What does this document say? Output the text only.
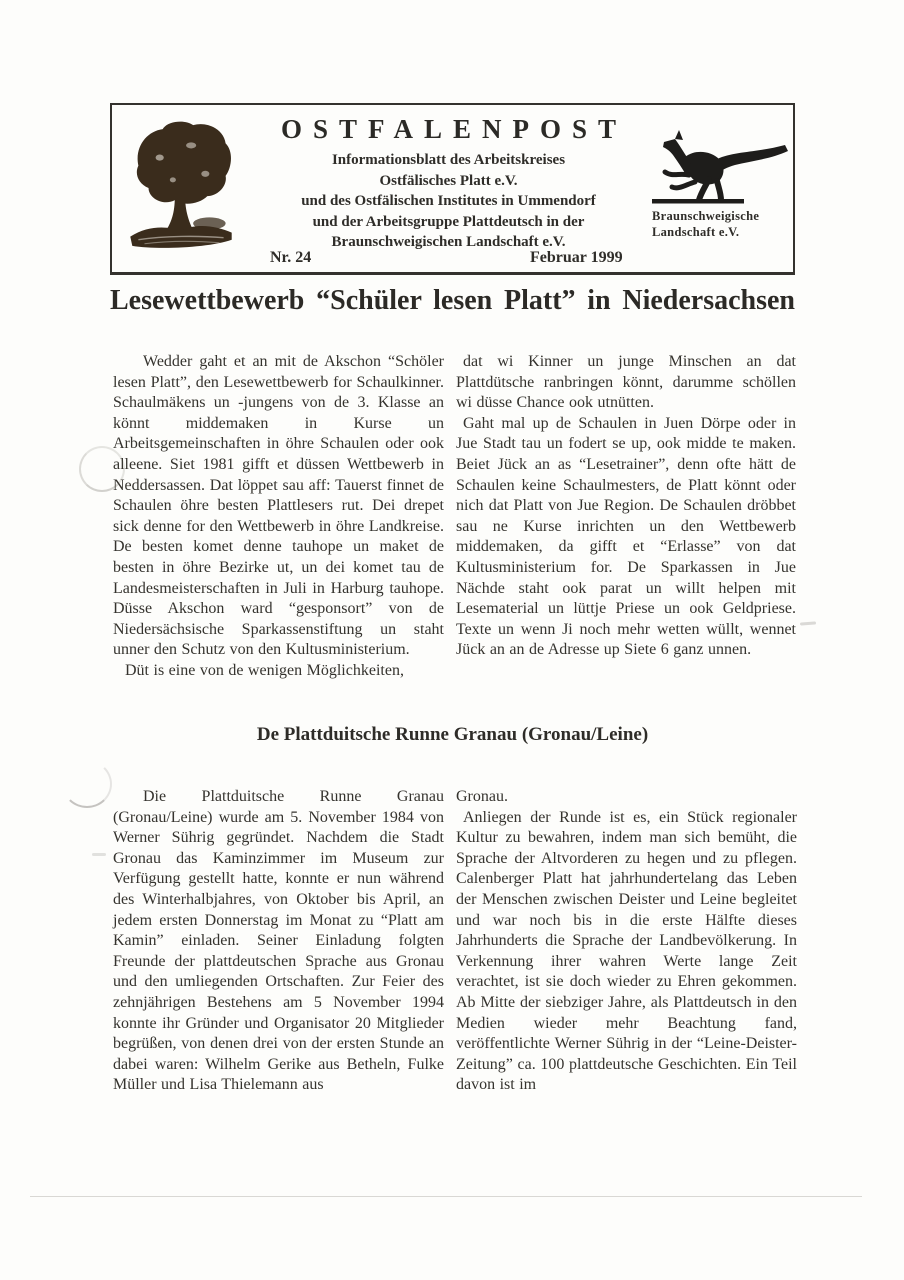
OSTFALENPOST
Informationsblatt des Arbeitskreises
Ostfälisches Platt e.V.
und des Ostfälischen Institutes in Ummendorf
und der Arbeitsgruppe Plattdeutsch in der
Braunschweigischen Landschaft e.V.
Nr. 24	Februar 1999
Braunschweigische
Landschaft e.V.
Lesewettbewerb “Schüler lesen Platt” in Niedersachsen

Wedder gaht et an mit de Akschon “Schöler lesen Platt”, den Lesewettbewerb for Schaulkinner. Schaulmäkens un -jungens von de 3. Klasse an könnt middemaken in Kurse un Arbeitsgemeinschaften in öhre Schaulen oder ook alleene. Siet 1981 gifft et düssen Wettbewerb in Neddersassen. Dat löppet sau aff: Tauerst finnet de Schaulen öhre besten Plattlesers rut. Dei drepet sick denne for den Wettbewerb in öhre Landkreise. De besten komet denne tauhope un maket de besten in öhre Bezirke ut, un dei komet tau de Landesmeisterschaften in Juli in Harburg tauhope. Düsse Akschon ward “gesponsort” von de Niedersächsische Sparkassenstiftung un staht unner den Schutz von den Kultusministerium.

Düt is eine von de wenigen Möglichkeiten,

dat wi Kinner un junge Minschen an dat Plattdütsche ranbringen könnt, darumme schöllen wi düsse Chance ook utnütten.

Gaht mal up de Schaulen in Juen Dörpe oder in Jue Stadt tau un fodert se up, ook midde te maken. Beiet Jück an as “Lesetrainer”, denn ofte hätt de Schaulen keine Schaulmesters, de Platt könnt oder nich dat Platt von Jue Region. De Schaulen dröbbet sau ne Kurse inrichten un den Wettbewerb middemaken, da gifft et “Erlasse” von dat Kultusministerium for. De Sparkassen in Jue Nächde staht ook parat un willt helpen mit Lesematerial un lüttje Priese un ook Geldpriese. Texte un wenn Ji noch mehr wetten wüllt, wennet Jück an an de Adresse up Siete 6 ganz unnen.

De Plattduitsche Runne Granau (Gronau/Leine)

Die Plattduitsche Runne Granau (Gronau/Leine) wurde am 5. November 1984 von Werner Sührig gegründet. Nachdem die Stadt Gronau das Kaminzimmer im Museum zur Verfügung gestellt hatte, konnte er nun während des Winterhalbjahres, von Oktober bis April, an jedem ersten Donnerstag im Monat zu “Platt am Kamin” einladen. Seiner Einladung folgten Freunde der plattdeutschen Sprache aus Gronau und den umliegenden Ortschaften. Zur Feier des zehnjährigen Bestehens am 5 November 1994 konnte ihr Gründer und Organisator 20 Mitglieder begrüßen, von denen drei von der ersten Stunde an dabei waren: Wilhelm Gerike aus Betheln, Fulke Müller und Lisa Thielemann aus

Gronau.

Anliegen der Runde ist es, ein Stück regionaler Kultur zu bewahren, indem man sich bemüht, die Sprache der Altvorderen zu hegen und zu pflegen. Calenberger Platt hat jahrhundertelang das Leben der Menschen zwischen Deister und Leine begleitet und war noch bis in die erste Hälfte dieses Jahrhunderts die Sprache der Landbevölkerung. In Verkennung ihrer wahren Werte lange Zeit verachtet, ist sie doch wieder zu Ehren gekommen. Ab Mitte der siebziger Jahre, als Plattdeutsch in den Medien wieder mehr Beachtung fand, veröffentlichte Werner Sührig in der “Leine-Deister-Zeitung” ca. 100 plattdeutsche Geschichten. Ein Teil davon ist im
